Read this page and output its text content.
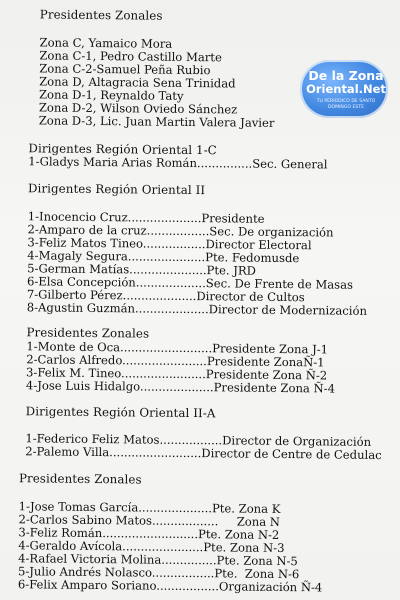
Presidentes Zonales
Zona C, Yamaico Mora
Zona C-1, Pedro Castillo Marte
Zona C-2-Samuel Peña Rubio
Zona D, Altagracia Sena Trinidad
Zona D-1, Reynaldo Taty
Zona D-2, Wilson Oviedo Sánchez
Zona D-3, Lic. Juan Martin Valera Javier
Dirigentes Región Oriental 1-C
1-Gladys Maria Arias Román...............Sec. General
Dirigentes Región Oriental II
1-Inocencio Cruz....................Presidente
2-Amparo de la cruz.................Sec. De organización
3-Feliz Matos Tineo.................Director Electoral
4-Magaly Segura.....................Pte. Fedomusde
5-German Matías.....................Pte. JRD
6-Elsa Concepción...................Sec. De Frente de Masas
7-Gilberto Pérez....................Director de Cultos
8-Agustin Guzmán....................Director de Modernización
Presidentes Zonales
1-Monte de Oca.........................Presidente Zona J-1
2-Carlos Alfredo.......................Presidente ZonaÑ-1
3-Felix M. Tineo.......................Presidente Zona Ñ-2
4-Jose Luis Hidalgo....................Presidente Zona Ñ-4
Dirigentes Región Oriental II-A
1-Federico Feliz Matos.................Director de Organización
2-Palemo Villa.........................Director de Centre de Cedulac
Presidentes Zonales
1-Jose Tomas García....................Pte. Zona K
2-Carlos Sabino Matos..................     Zona N
3-Feliz Román..........................Pte. Zona N-2
4-Geraldo Avícola......................Pte. Zona N-3
4-Rafael Victoria Molina...............Pte. Zona N-5
5-Julio Andrés Nolasco.................Pte.  Zona N-6
6-Felix Amparo Soriano.................Organización Ñ-4
De la Zona
Oriental.Net
TU PERIODICO DE SANTO DOMINGO ESTE
